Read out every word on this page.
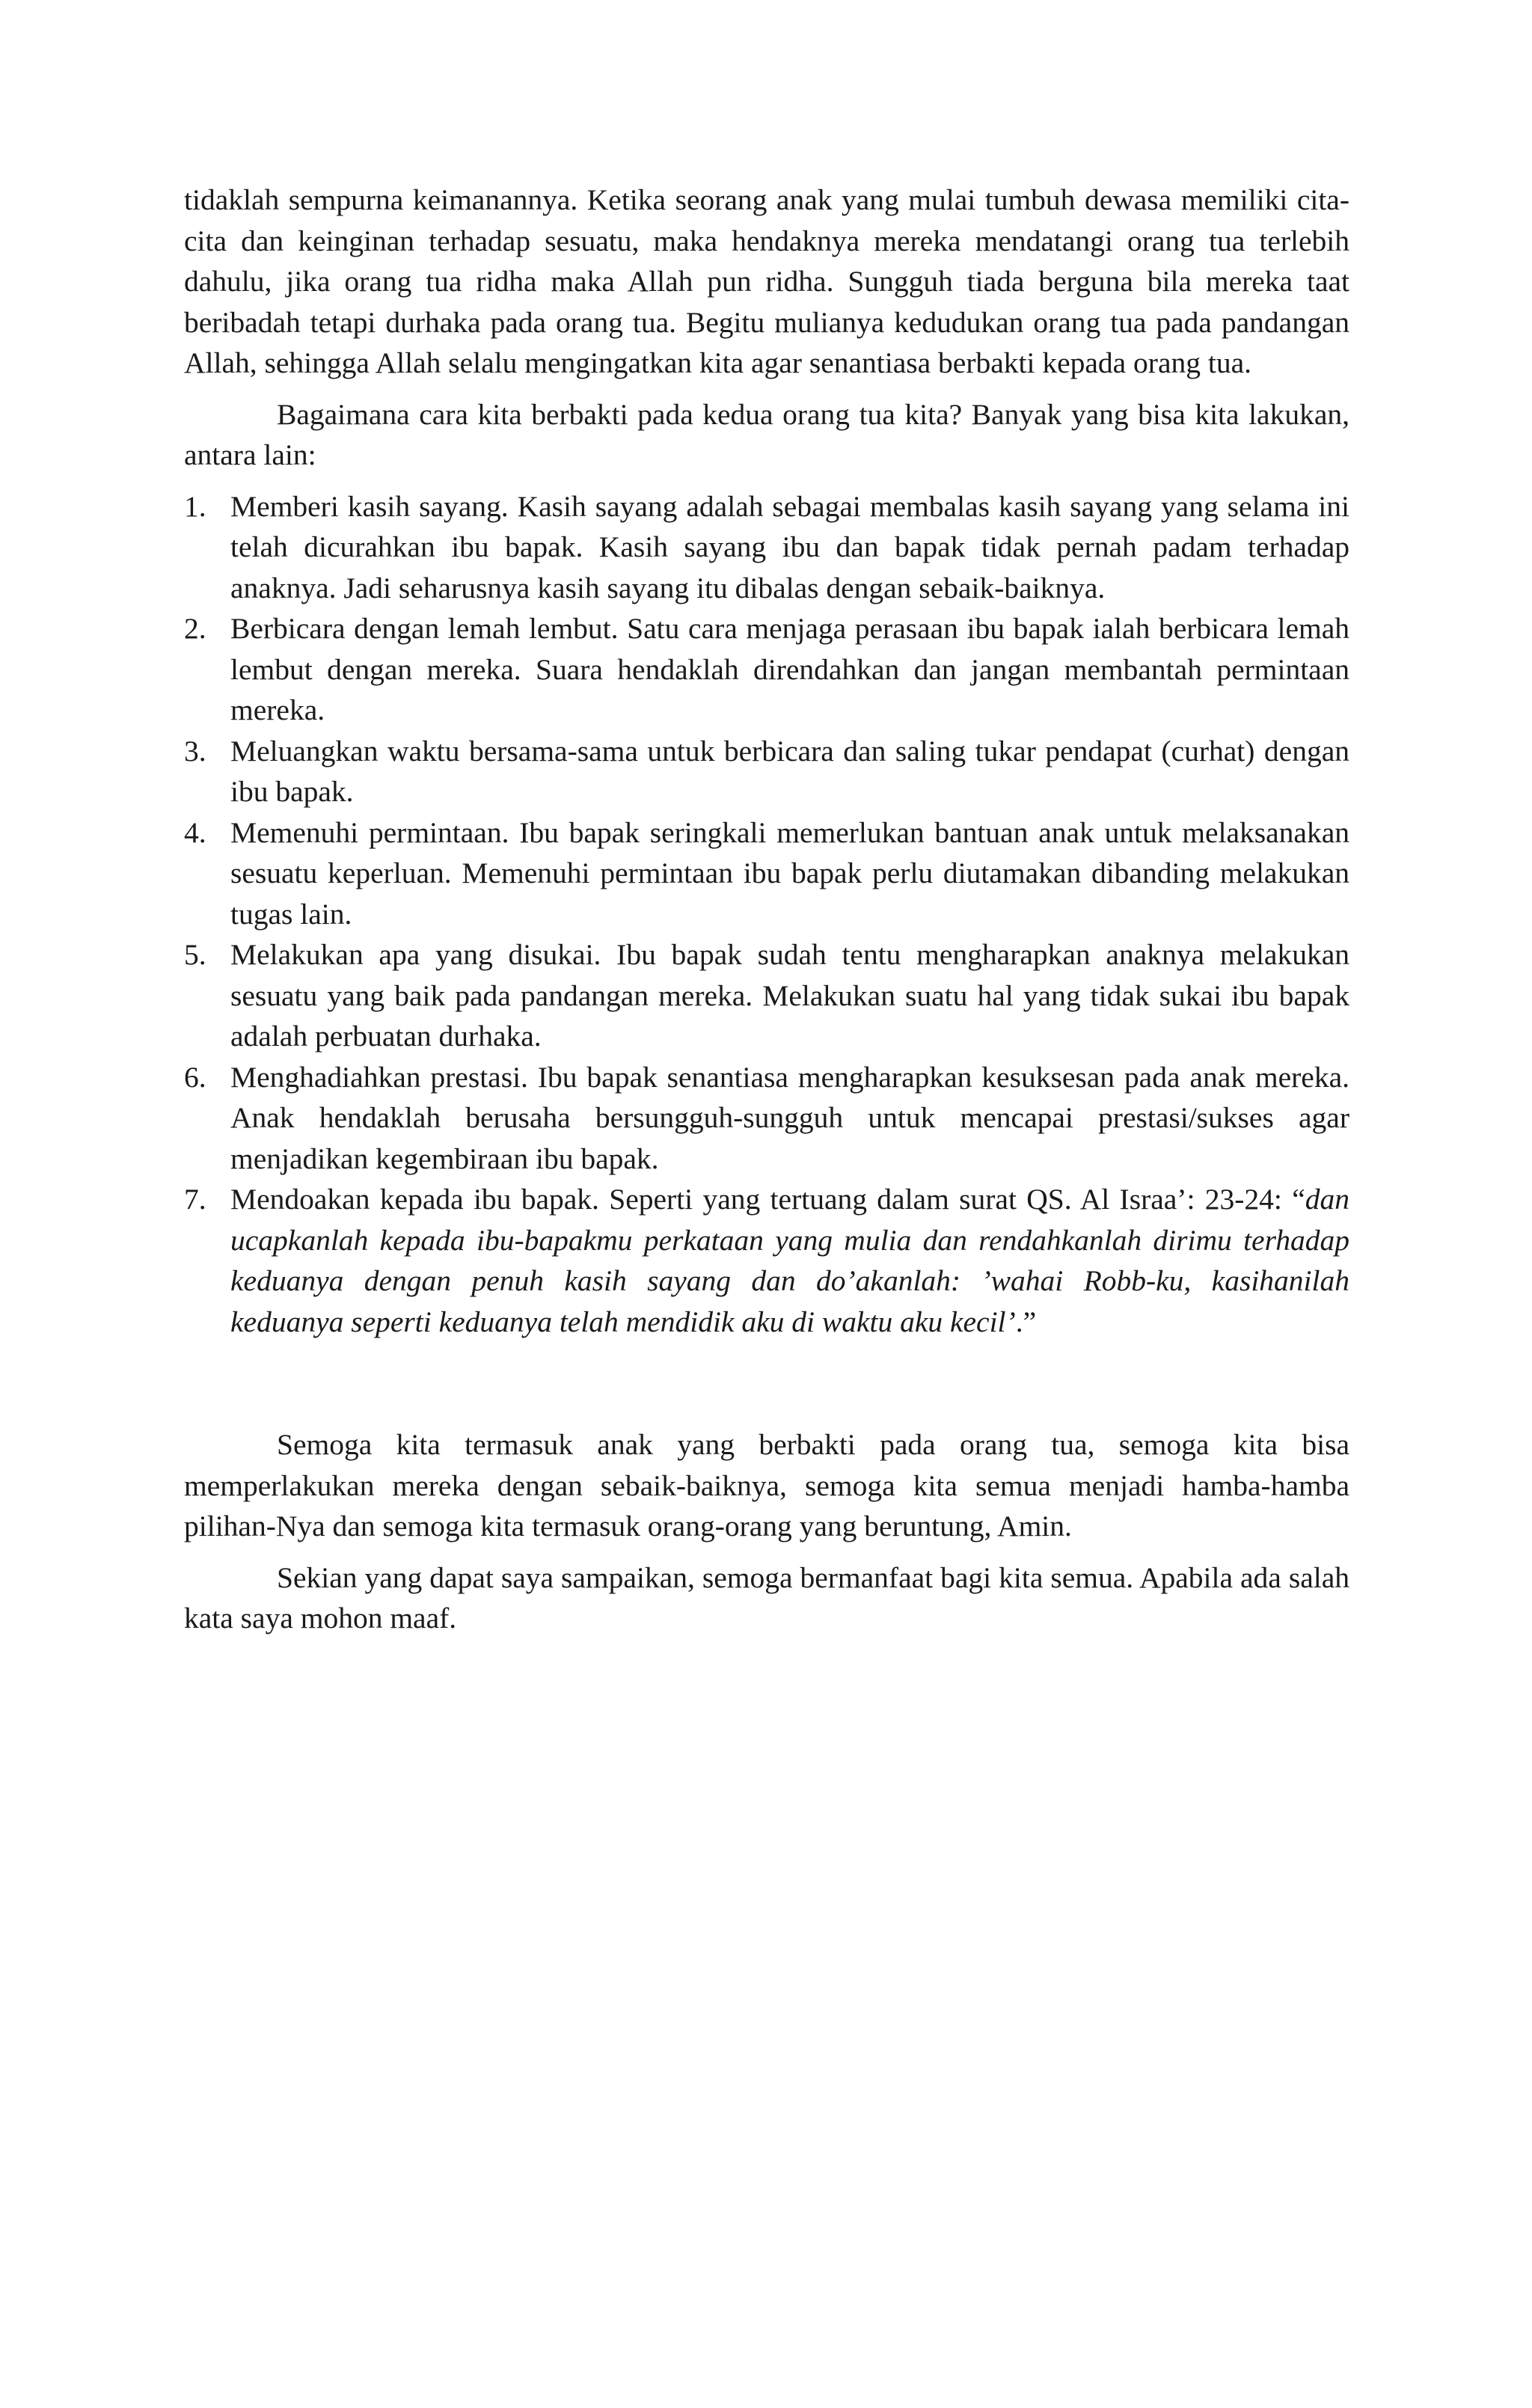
tidaklah sempurna keimanannya. Ketika seorang anak yang mulai tumbuh dewasa memiliki cita-cita dan keinginan terhadap sesuatu, maka hendaknya mereka mendatangi orang tua terlebih dahulu, jika orang tua ridha maka Allah pun ridha. Sungguh tiada berguna bila mereka taat beribadah tetapi durhaka pada orang tua. Begitu mulianya kedudukan orang tua pada pandangan Allah, sehingga Allah selalu mengingatkan kita agar senantiasa berbakti kepada orang tua.

Bagaimana cara kita berbakti pada kedua orang tua kita? Banyak yang bisa kita lakukan, antara lain:

1. Memberi kasih sayang. Kasih sayang adalah sebagai membalas kasih sayang yang selama ini telah dicurahkan ibu bapak. Kasih sayang ibu dan bapak tidak pernah padam terhadap anaknya. Jadi seharusnya kasih sayang itu dibalas dengan sebaik-baiknya.
2. Berbicara dengan lemah lembut. Satu cara menjaga perasaan ibu bapak ialah berbicara lemah lembut dengan mereka. Suara hendaklah direndahkan dan jangan membantah permintaan mereka.
3. Meluangkan waktu bersama-sama untuk berbicara dan saling tukar pendapat (curhat) dengan ibu bapak.
4. Memenuhi permintaan. Ibu bapak seringkali memerlukan bantuan anak untuk melaksanakan sesuatu keperluan. Memenuhi permintaan ibu bapak perlu diutamakan dibanding melakukan tugas lain.
5. Melakukan apa yang disukai. Ibu bapak sudah tentu mengharapkan anaknya melakukan sesuatu yang baik pada pandangan mereka. Melakukan suatu hal yang tidak sukai ibu bapak adalah perbuatan durhaka.
6. Menghadiahkan prestasi. Ibu bapak senantiasa mengharapkan kesuksesan pada anak mereka. Anak hendaklah berusaha bersungguh-sungguh untuk mencapai prestasi/sukses agar menjadikan kegembiraan ibu bapak.
7. Mendoakan kepada ibu bapak. Seperti yang tertuang dalam surat QS. Al Israa’: 23-24: “dan ucapkanlah kepada ibu-bapakmu perkataan yang mulia dan rendahkanlah dirimu terhadap keduanya dengan penuh kasih sayang dan do’akanlah: ’wahai Robb-ku, kasihanilah keduanya seperti keduanya telah mendidik aku di waktu aku kecil’.”

Semoga kita termasuk anak yang berbakti pada orang tua, semoga kita bisa memperlakukan mereka dengan sebaik-baiknya, semoga kita semua menjadi hamba-hamba pilihan-Nya dan semoga kita termasuk orang-orang yang beruntung, Amin.

Sekian yang dapat saya sampaikan, semoga bermanfaat bagi kita semua. Apabila ada salah kata saya mohon maaf.
